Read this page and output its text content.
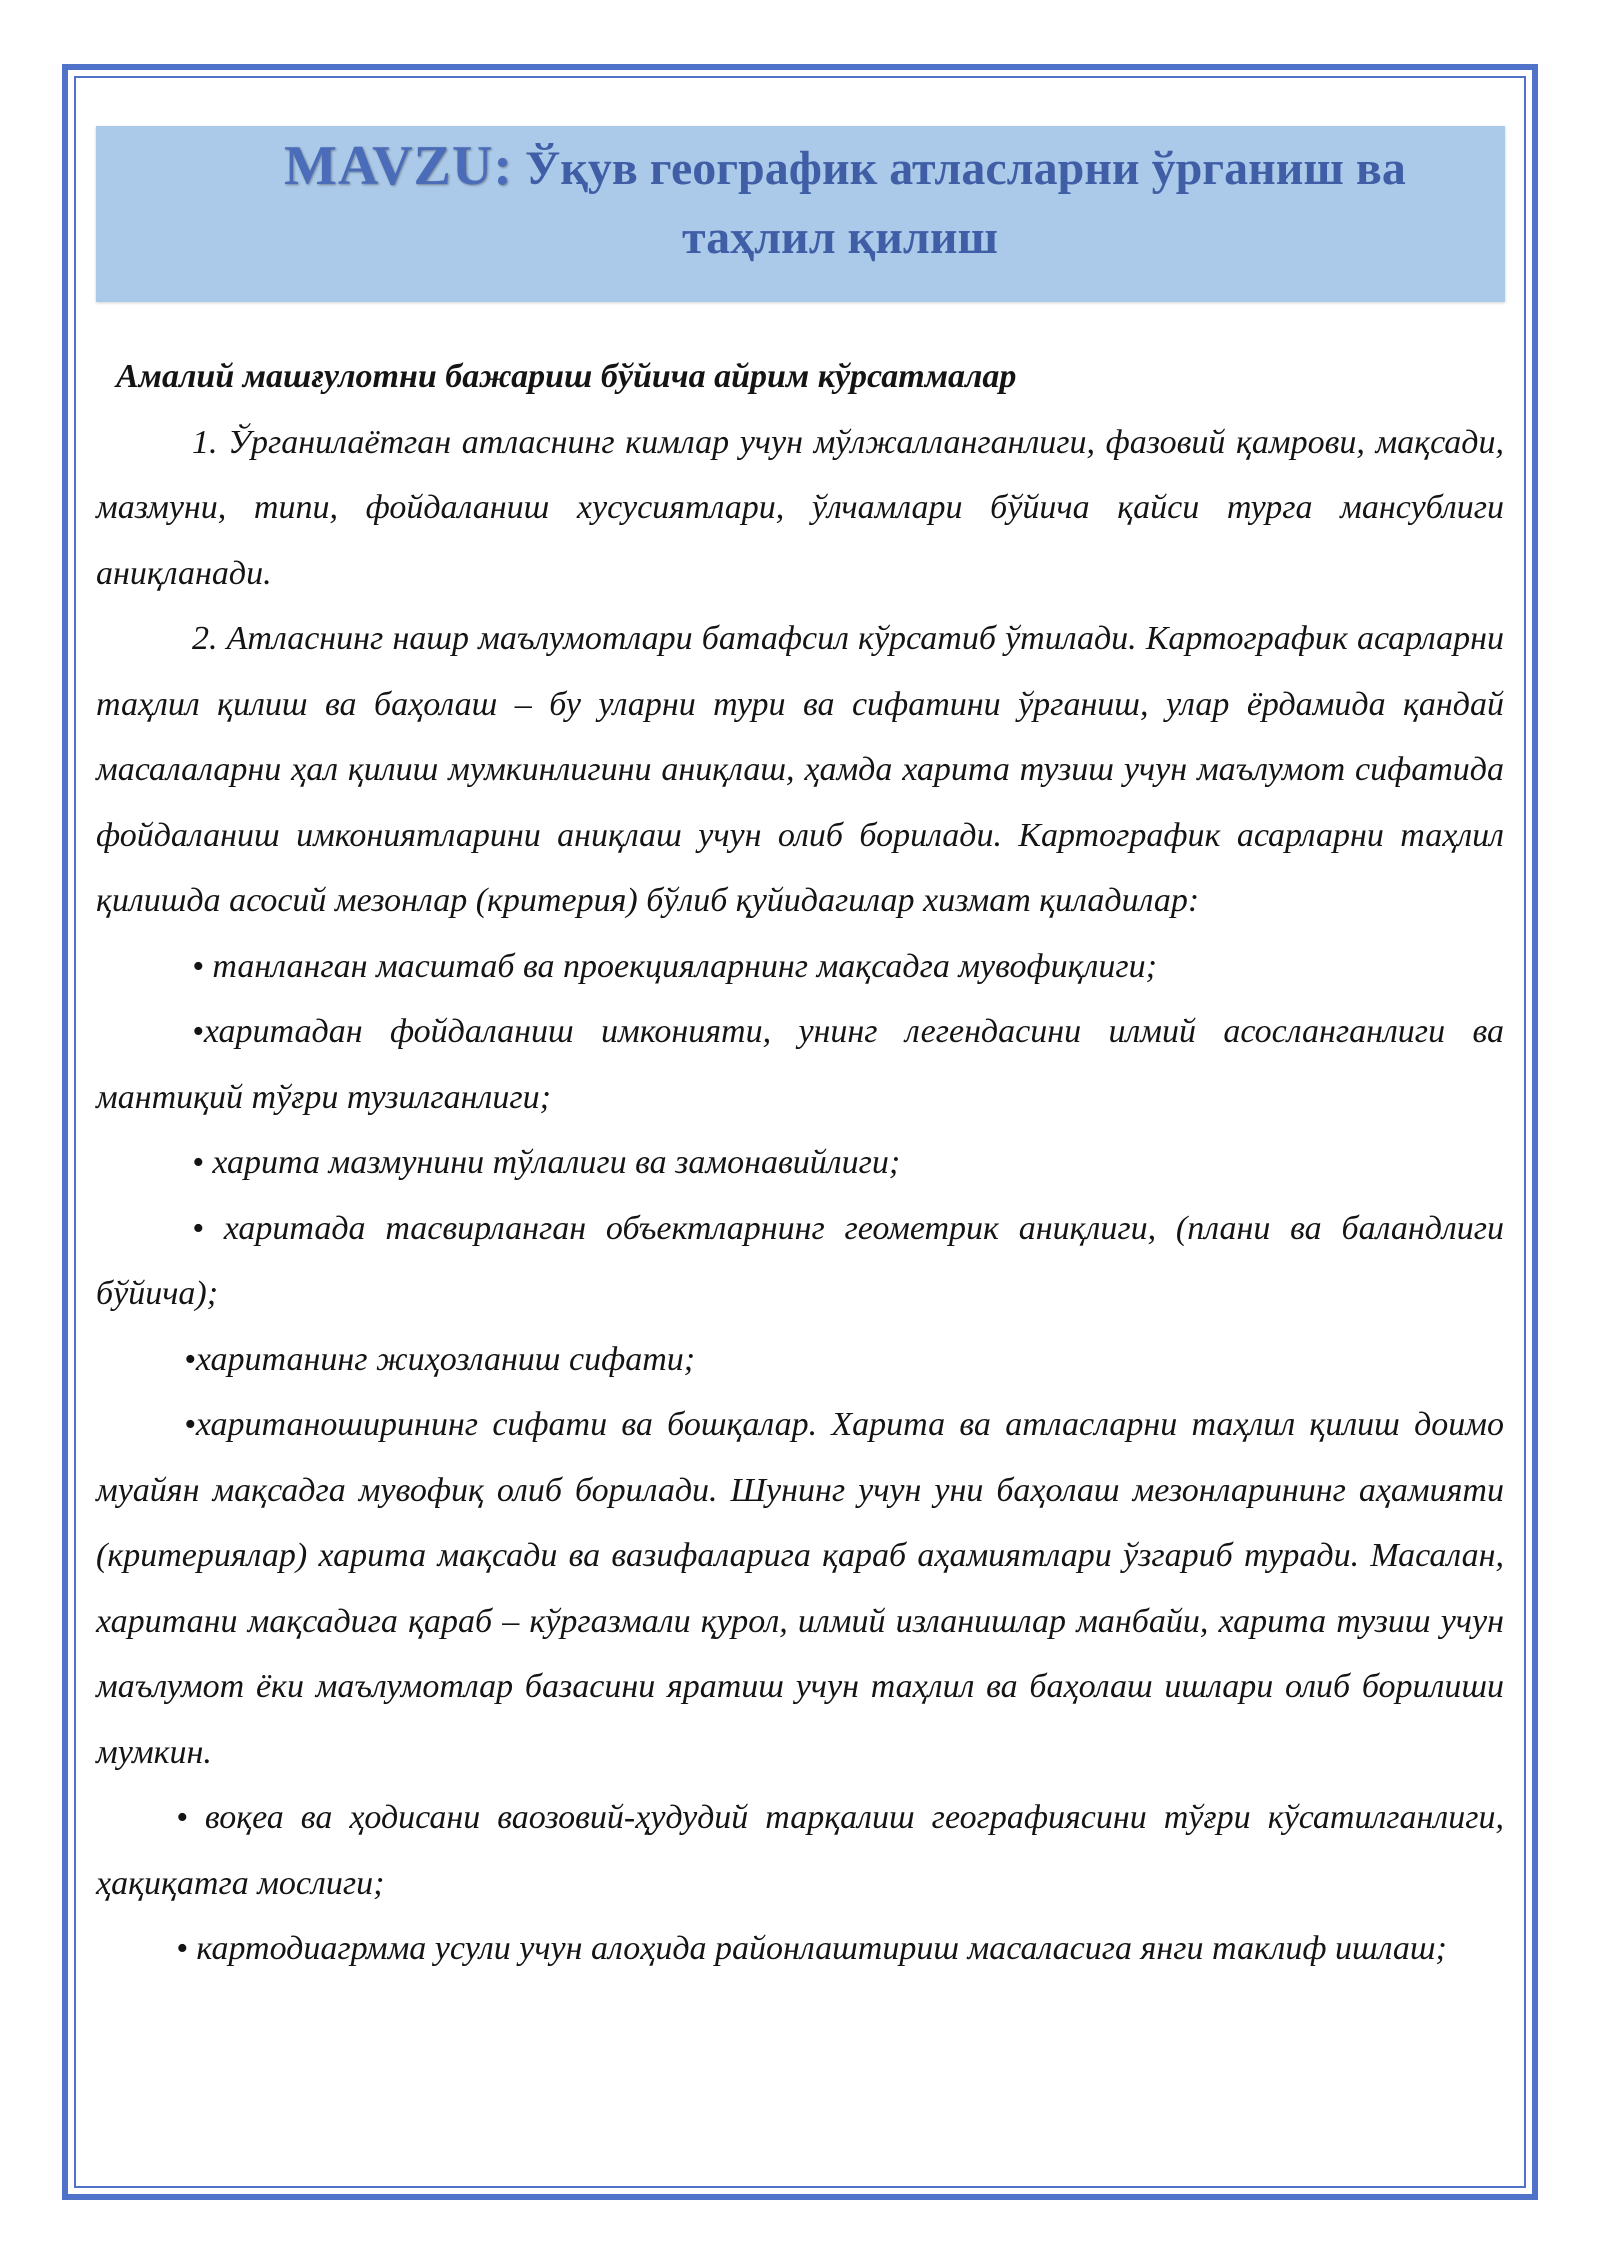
MAVZU: Ўқув географик атласларни ўрганиш ва
таҳлил қилиш

Амалий машғулотни бажариш бўйича айрим кўрсатмалар

1. Ўрганилаётган атласнинг кимлар учун мўлжалланганлиги, фазовий қамрови, мақсади, мазмуни, типи, фойдаланиш хусусиятлари, ўлчамлари бўйича қайси турга мансублиги аниқланади.

2. Атласнинг нашр маълумотлари батафсил кўрсатиб ўтилади. Картографик асарларни таҳлил қилиш ва баҳолаш – бу уларни тури ва сифатини ўрганиш, улар ёрдамида қандай масалаларни ҳал қилиш мумкинлигини аниқлаш, ҳамда харита тузиш учун маълумот сифатида фойдаланиш имкониятларини аниқлаш учун олиб борилади. Картографик асарларни таҳлил қилишда асосий мезонлар (критерия) бўлиб қуйидагилар хизмат қиладилар:

• танланган масштаб ва проекцияларнинг мақсадга мувофиқлиги;

•харитадан фойдаланиш имконияти, унинг легендасини илмий асосланганлиги ва мантиқий тўғри тузилганлиги;

• харита мазмунини тўлалиги ва замонавийлиги;

• харитада тасвирланган объектларнинг геометрик аниқлиги, (плани ва баландлиги бўйича);

•хаританинг жиҳозланиш сифати;

•хаританоширининг сифати ва бошқалар. Харита ва атласларни таҳлил қилиш доимо муайян мақсадга мувофиқ олиб борилади. Шунинг учун уни баҳолаш мезонларининг аҳамияти (критериялар) харита мақсади ва вазифаларига қараб аҳамиятлари ўзгариб туради. Масалан, харитани мақсадига қараб – кўргазмали қурол, илмий изланишлар манбайи, харита тузиш учун маълумот ёки маълумотлар базасини яратиш учун таҳлил ва баҳолаш ишлари олиб борилиши мумкин.

• воқеа ва ҳодисани ваозовий-ҳудудий тарқалиш географиясини тўғри кўсатилганлиги, ҳақиқатга мослиги;

• картодиагрмма усули учун алоҳида районлаштириш масаласига янги таклиф ишлаш;
